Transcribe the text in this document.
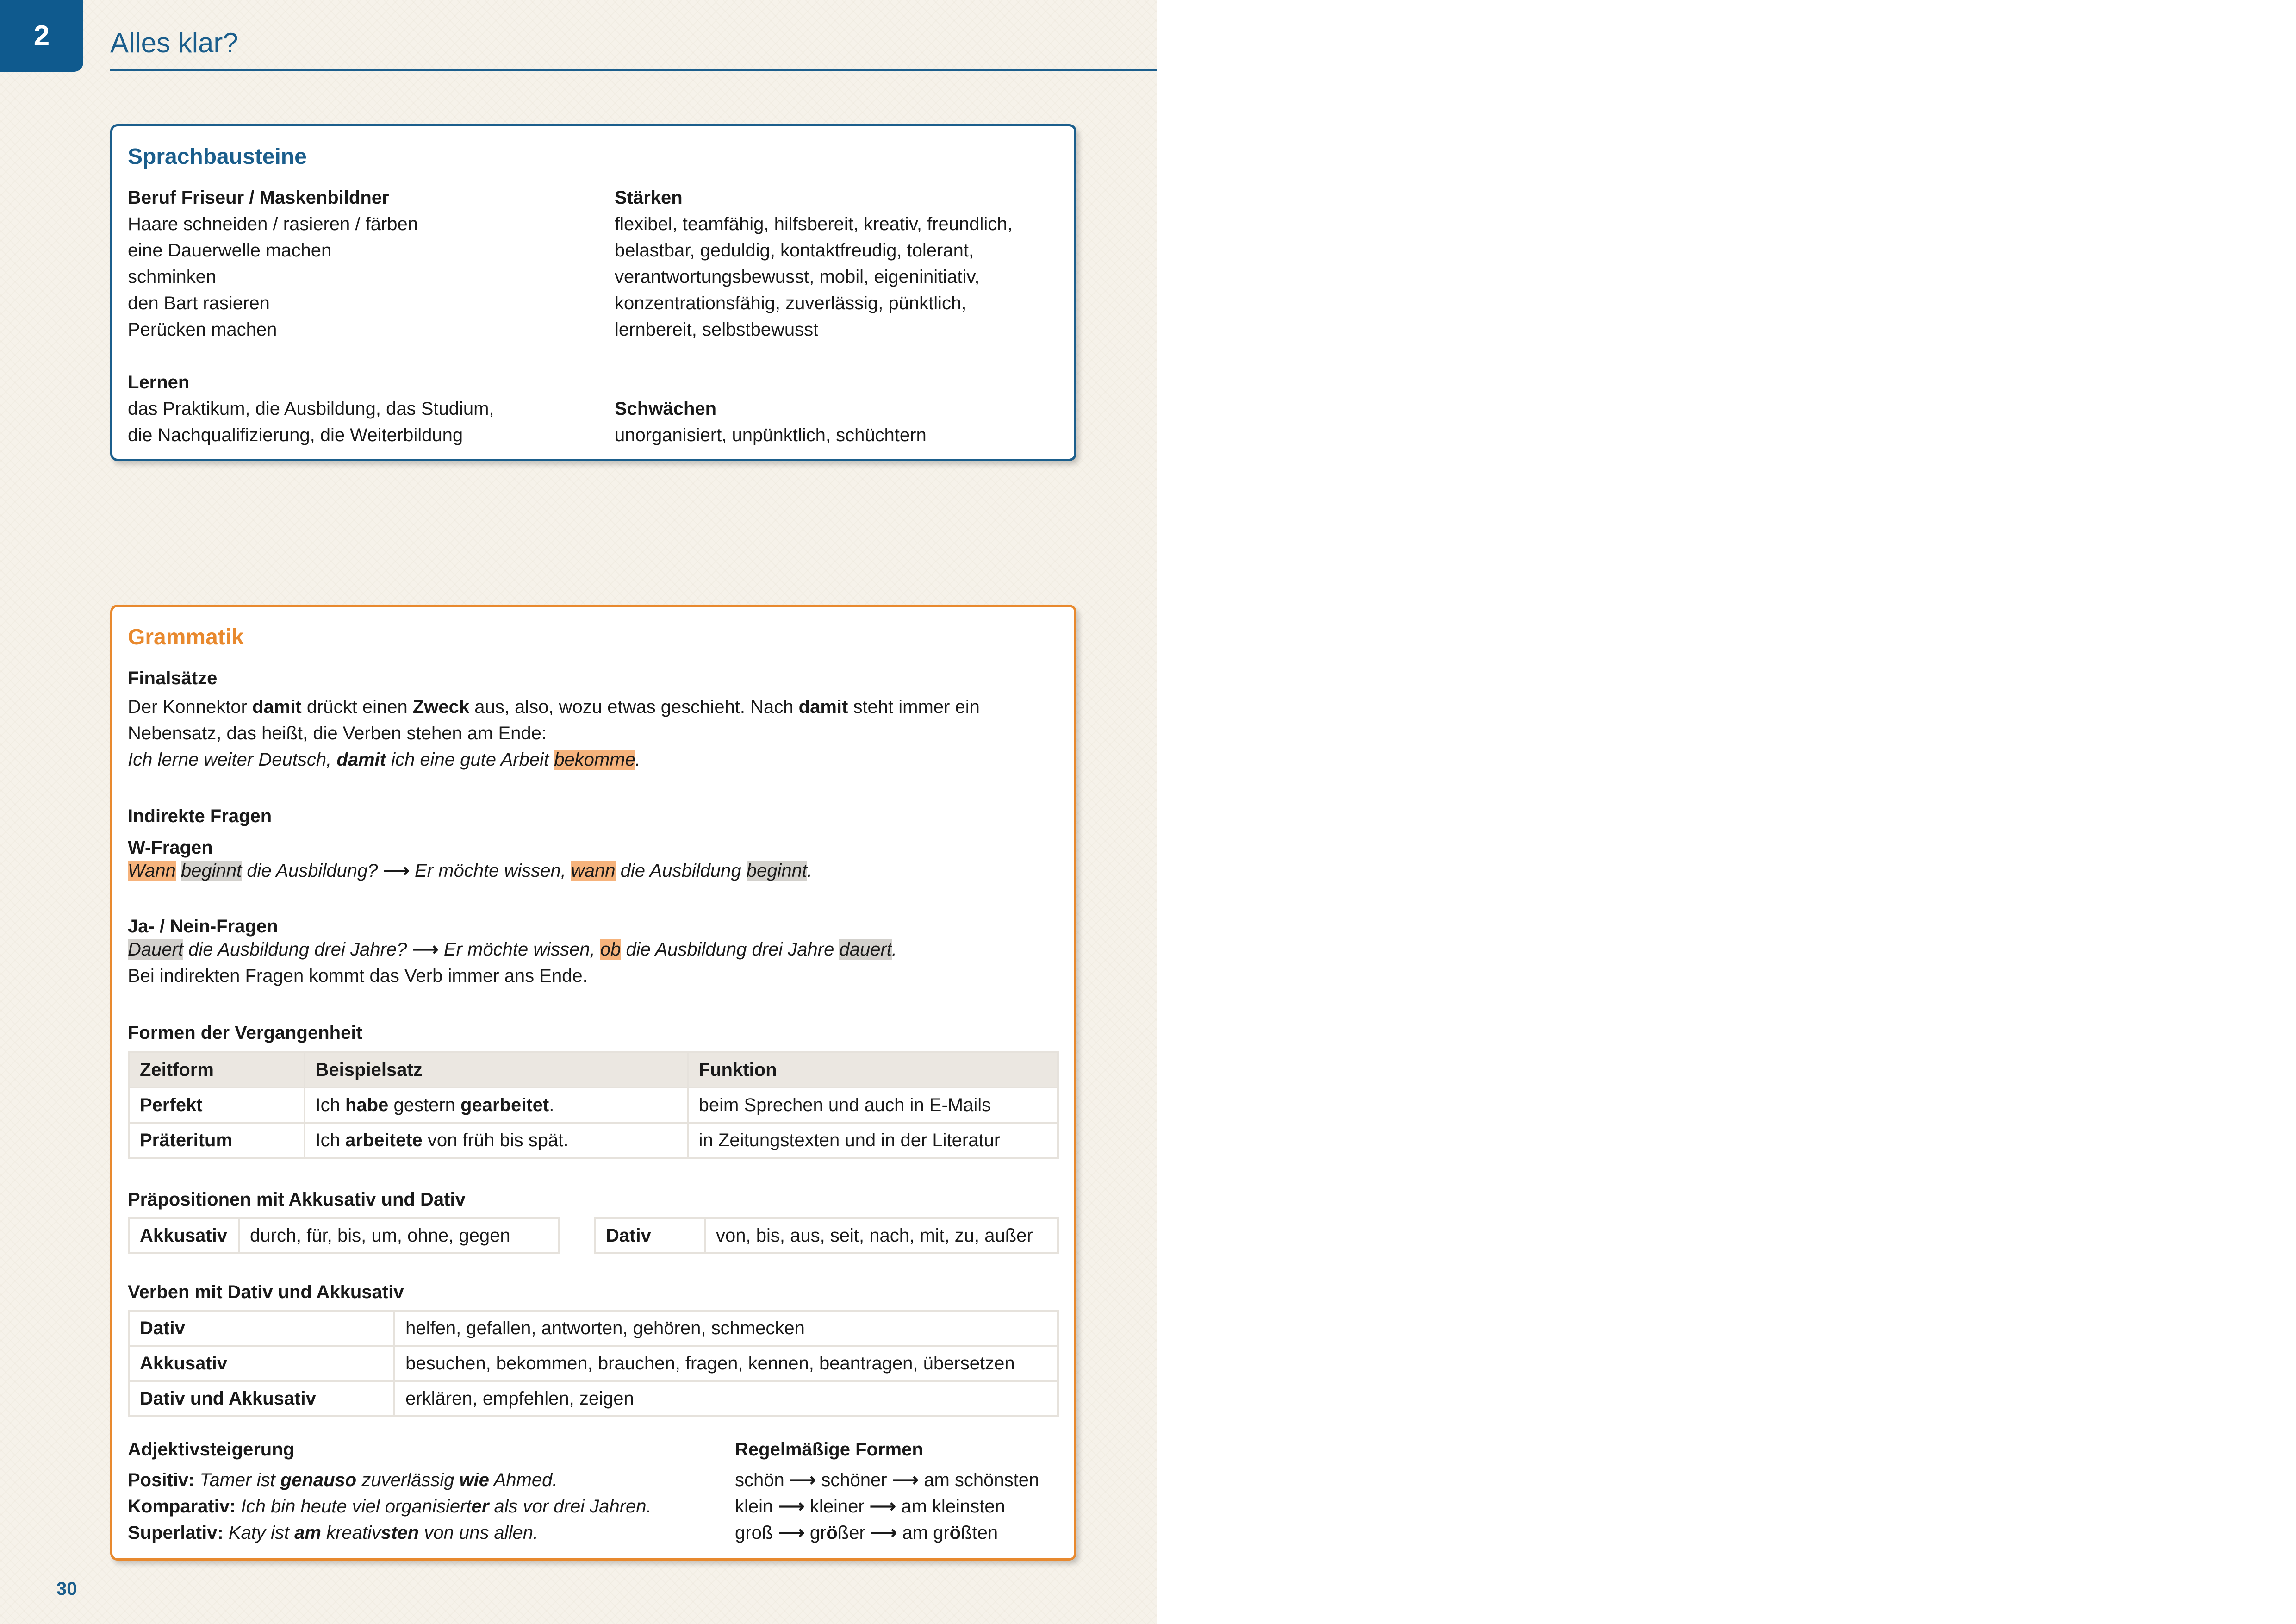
2 Alles klar?
Sprachbausteine
Beruf Friseur / Maskenbildner
Haare schneiden / rasieren / färben
eine Dauerwelle machen
schminken
den Bart rasieren
Perücken machen
Lernen
das Praktikum, die Ausbildung, das Studium,
die Nachqualifizierung, die Weiterbildung
Stärken
flexibel, teamfähig, hilfsbereit, kreativ, freundlich,
belastbar, geduldig, kontaktfreudig, tolerant,
verantwortungsbewusst, mobil, eigeninitiativ,
konzentrationsfähig, zuverlässig, pünktlich,
lernbereit, selbstbewusst
Schwächen
unorganisiert, unpünktlich, schüchtern
Grammatik
Finalsätze
Der Konnektor damit drückt einen Zweck aus, also, wozu etwas geschieht. Nach damit steht immer ein
Nebensatz, das heißt, die Verben stehen am Ende:
Ich lerne weiter Deutsch, damit ich eine gute Arbeit bekomme.
Indirekte Fragen
W-Fragen
Wann beginnt die Ausbildung? ⟶ Er möchte wissen, wann die Ausbildung beginnt.
Ja- / Nein-Fragen
Dauert die Ausbildung drei Jahre? ⟶ Er möchte wissen, ob die Ausbildung drei Jahre dauert.
Bei indirekten Fragen kommt das Verb immer ans Ende.
Formen der Vergangenheit
Zeitform	Beispielsatz	Funktion
Perfekt	Ich habe gestern gearbeitet.	beim Sprechen und auch in E-Mails
Präteritum	Ich arbeitete von früh bis spät.	in Zeitungstexten und in der Literatur
Präpositionen mit Akkusativ und Dativ
Akkusativ	durch, für, bis, um, ohne, gegen	Dativ	von, bis, aus, seit, nach, mit, zu, außer
Verben mit Dativ und Akkusativ
Dativ	helfen, gefallen, antworten, gehören, schmecken
Akkusativ	besuchen, bekommen, brauchen, fragen, kennen, beantragen, übersetzen
Dativ und Akkusativ	erklären, empfehlen, zeigen
Adjektivsteigerung
Positiv: Tamer ist genauso zuverlässig wie Ahmed.
Komparativ: Ich bin heute viel organisierter als vor drei Jahren.
Superlativ: Katy ist am kreativsten von uns allen.
Regelmäßige Formen
schön ⟶ schöner ⟶ am schönsten
klein ⟶ kleiner ⟶ am kleinsten
groß ⟶ größer ⟶ am größten
30
